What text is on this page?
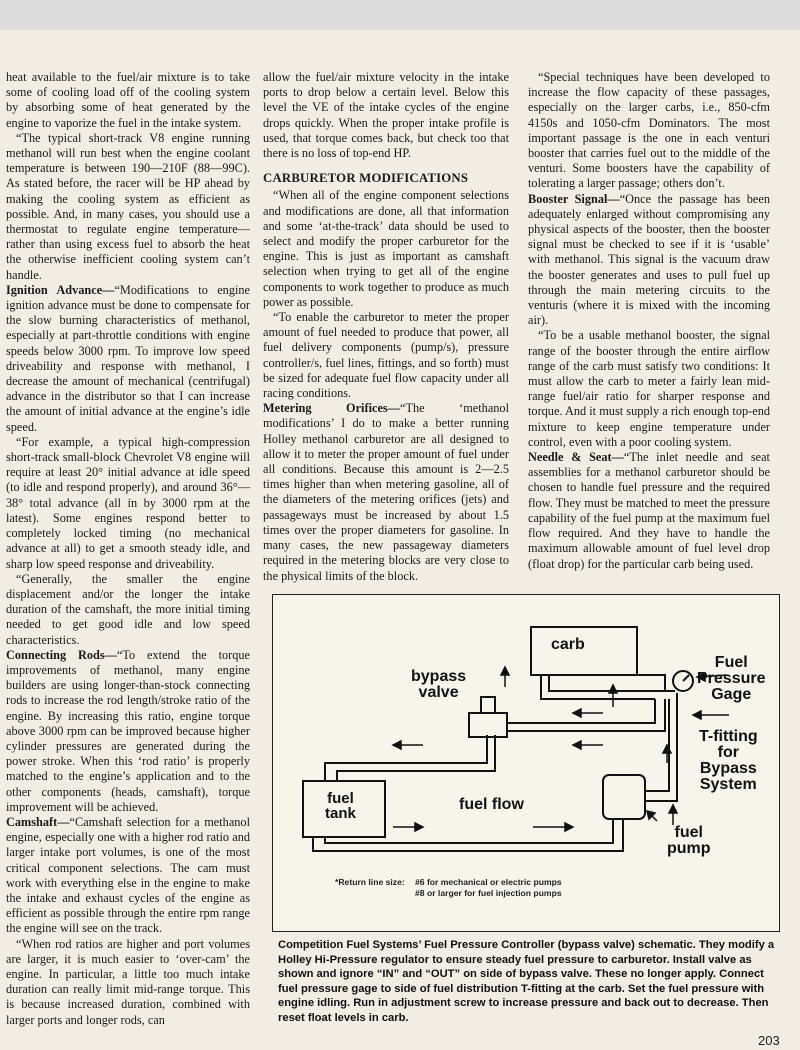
heat available to the fuel/air mixture is to take some of cooling load off of the cooling system by absorbing some of heat generated by the engine to vaporize the fuel in the intake system.

“The typical short-track V8 engine running methanol will run best when the engine coolant temperature is between 190—210F (88—99C). As stated before, the racer will be HP ahead by making the cooling system as efficient as possible. And, in many cases, you should use a thermostat to regulate engine temperature—rather than using excess fuel to absorb the heat the otherwise inefficient cooling system can’t handle.

Ignition Advance—“Modifications to engine ignition advance must be done to compensate for the slow burning characteristics of methanol, especially at part-throttle conditions with engine speeds below 3000 rpm. To improve low speed driveability and response with methanol, I decrease the amount of mechanical (centrifugal) advance in the distributor so that I can increase the amount of initial advance at the engine’s idle speed.

“For example, a typical high-compression short-track small-block Chevrolet V8 engine will require at least 20° initial advance at idle speed (to idle and respond properly), and around 36°—38° total advance (all in by 3000 rpm at the latest). Some engines respond better to completely locked timing (no mechanical advance at all) to get a smooth steady idle, and sharp low speed response and driveability.

“Generally, the smaller the engine displacement and/or the longer the intake duration of the camshaft, the more initial timing needed to get good idle and low speed characteristics.

Connecting Rods—“To extend the torque improvements of methanol, many engine builders are using longer-than-stock connecting rods to increase the rod length/stroke ratio of the engine. By increasing this ratio, engine torque above 3000 rpm can be improved because higher cylinder pressures are generated during the power stroke. When this ‘rod ratio’ is properly matched to the engine’s application and to the other components (heads, camshaft), torque improvement will be achieved.

Camshaft—“Camshaft selection for a methanol engine, especially one with a higher rod ratio and larger intake port volumes, is one of the most critical component selections. The cam must work with everything else in the engine to make the intake and exhaust cycles of the engine as efficient as possible through the entire rpm range the engine will see on the track.

“When rod ratios are higher and port volumes are larger, it is much easier to ‘over-cam’ the engine. In particular, a little too much intake duration can really limit mid-range torque. This is because increased duration, combined with larger ports and longer rods, can

allow the fuel/air mixture velocity in the intake ports to drop below a certain level. Below this level the VE of the intake cycles of the engine drops quickly. When the proper intake profile is used, that torque comes back, but check too that there is no loss of top-end HP.

CARBURETOR MODIFICATIONS

“When all of the engine component selections and modifications are done, all that information and some ‘at-the-track’ data should be used to select and modify the proper carburetor for the engine. This is just as important as camshaft selection when trying to get all of the engine components to work together to produce as much power as possible.

“To enable the carburetor to meter the proper amount of fuel needed to produce that power, all fuel delivery components (pump/s), pressure controller/s, fuel lines, fittings, and so forth) must be sized for adequate fuel flow capacity under all racing conditions.

Metering Orifices—“The ‘methanol modifications’ I do to make a better running Holley methanol carburetor are all designed to allow it to meter the proper amount of fuel under all conditions. Because this amount is 2—2.5 times higher than when metering gasoline, all of the diameters of the metering orifices (jets) and passageways must be increased by about 1.5 times over the proper diameters for gasoline. In many cases, the new passageway diameters required in the metering blocks are very close to the physical limits of the block.

“Special techniques have been developed to increase the flow capacity of these passages, especially on the larger carbs, i.e., 850-cfm 4150s and 1050-cfm Dominators. The most important passage is the one in each venturi booster that carries fuel out to the middle of the venturi. Some boosters have the capability of tolerating a larger passage; others don’t.

Booster Signal—“Once the passage has been adequately enlarged without compromising any physical aspects of the booster, then the booster signal must be checked to see if it is ‘usable’ with methanol. This signal is the vacuum draw the booster generates and uses to pull fuel up through the main metering circuits to the venturis (where it is mixed with the incoming air).

“To be a usable methanol booster, the signal range of the booster through the entire airflow range of the carb must satisfy two conditions: It must allow the carb to meter a fairly lean mid-range fuel/air ratio for sharper response and torque. And it must supply a rich enough top-end mixture to keep engine temperature under control, even with a poor cooling system.

Needle & Seat—“The inlet needle and seat assemblies for a methanol carburetor should be chosen to handle fuel pressure and the required flow. They must be matched to meet the pressure capability of the fuel pump at the maximum fuel flow required. And they have to handle the maximum allowable amount of fuel level drop (float drop) for the particular carb being used.

carb
Fuel
Pressure
Gage
bypass
valve
T-fitting
for
Bypass
System
fuel
tank
fuel flow
fuel
pump
*Return line size: #6 for mechanical or electric pumps
#8 or larger for fuel injection pumps
Competition Fuel Systems’ Fuel Pressure Controller (bypass valve) schematic. They modify a Holley Hi-Pressure regulator to ensure steady fuel pressure to carburetor. Install valve as shown and ignore “IN” and “OUT” on side of bypass valve. These no longer apply. Connect fuel pressure gage to side of fuel distribution T-fitting at the carb. Set the fuel pressure with engine idling. Run in adjustment screw to increase pressure and back out to decrease. Then reset float levels in carb.
203
